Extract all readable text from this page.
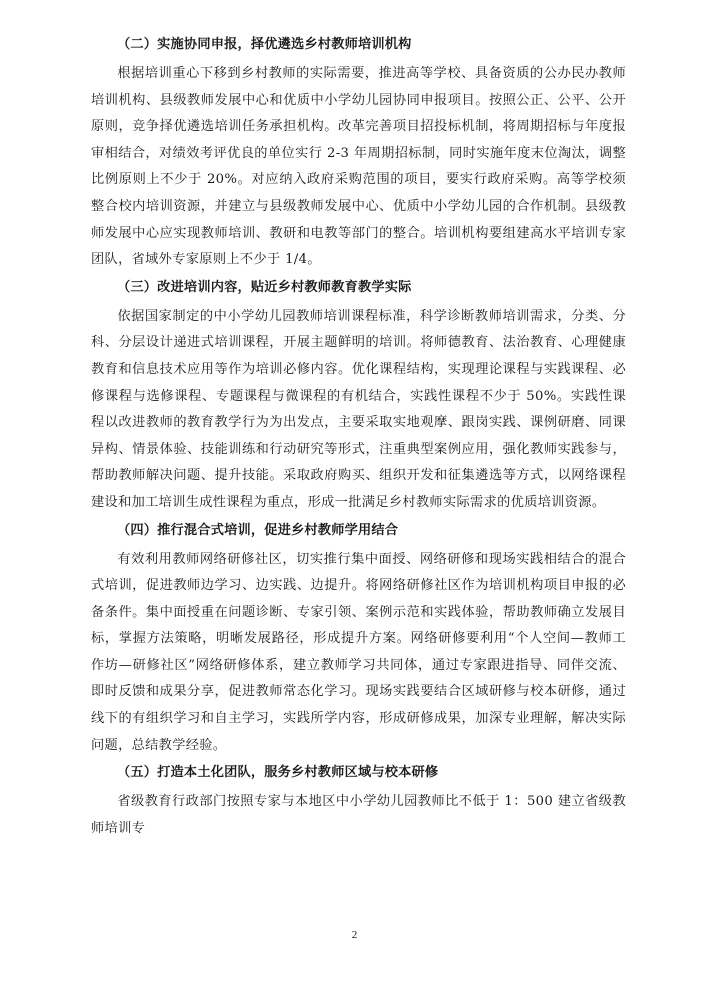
（二）实施协同申报，择优遴选乡村教师培训机构

根据培训重心下移到乡村教师的实际需要，推进高等学校、具备资质的公办民办教师培训机构、县级教师发展中心和优质中小学幼儿园协同申报项目。按照公正、公平、公开原则，竞争择优遴选培训任务承担机构。改革完善项目招投标机制，将周期招标与年度报审相结合，对绩效考评优良的单位实行 2-3 年周期招标制，同时实施年度末位淘汰，调整比例原则上不少于 20%。对应纳入政府采购范围的项目，要实行政府采购。高等学校须整合校内培训资源，并建立与县级教师发展中心、优质中小学幼儿园的合作机制。县级教师发展中心应实现教师培训、教研和电教等部门的整合。培训机构要组建高水平培训专家团队，省域外专家原则上不少于 1/4。

（三）改进培训内容，贴近乡村教师教育教学实际

依据国家制定的中小学幼儿园教师培训课程标准，科学诊断教师培训需求，分类、分科、分层设计递进式培训课程，开展主题鲜明的培训。将师德教育、法治教育、心理健康教育和信息技术应用等作为培训必修内容。优化课程结构，实现理论课程与实践课程、必修课程与选修课程、专题课程与微课程的有机结合，实践性课程不少于 50%。实践性课程以改进教师的教育教学行为为出发点，主要采取实地观摩、跟岗实践、课例研磨、同课异构、情景体验、技能训练和行动研究等形式，注重典型案例应用，强化教师实践参与，帮助教师解决问题、提升技能。采取政府购买、组织开发和征集遴选等方式，以网络课程建设和加工培训生成性课程为重点，形成一批满足乡村教师实际需求的优质培训资源。

（四）推行混合式培训，促进乡村教师学用结合

有效利用教师网络研修社区，切实推行集中面授、网络研修和现场实践相结合的混合式培训，促进教师边学习、边实践、边提升。将网络研修社区作为培训机构项目申报的必备条件。集中面授重在问题诊断、专家引领、案例示范和实践体验，帮助教师确立发展目标，掌握方法策略，明晰发展路径，形成提升方案。网络研修要利用“个人空间—教师工作坊—研修社区”网络研修体系，建立教师学习共同体，通过专家跟进指导、同伴交流、即时反馈和成果分享，促进教师常态化学习。现场实践要结合区域研修与校本研修，通过线下的有组织学习和自主学习，实践所学内容，形成研修成果，加深专业理解，解决实际问题，总结教学经验。

（五）打造本土化团队，服务乡村教师区域与校本研修

省级教育行政部门按照专家与本地区中小学幼儿园教师比不低于 1：500 建立省级教师培训专

2
